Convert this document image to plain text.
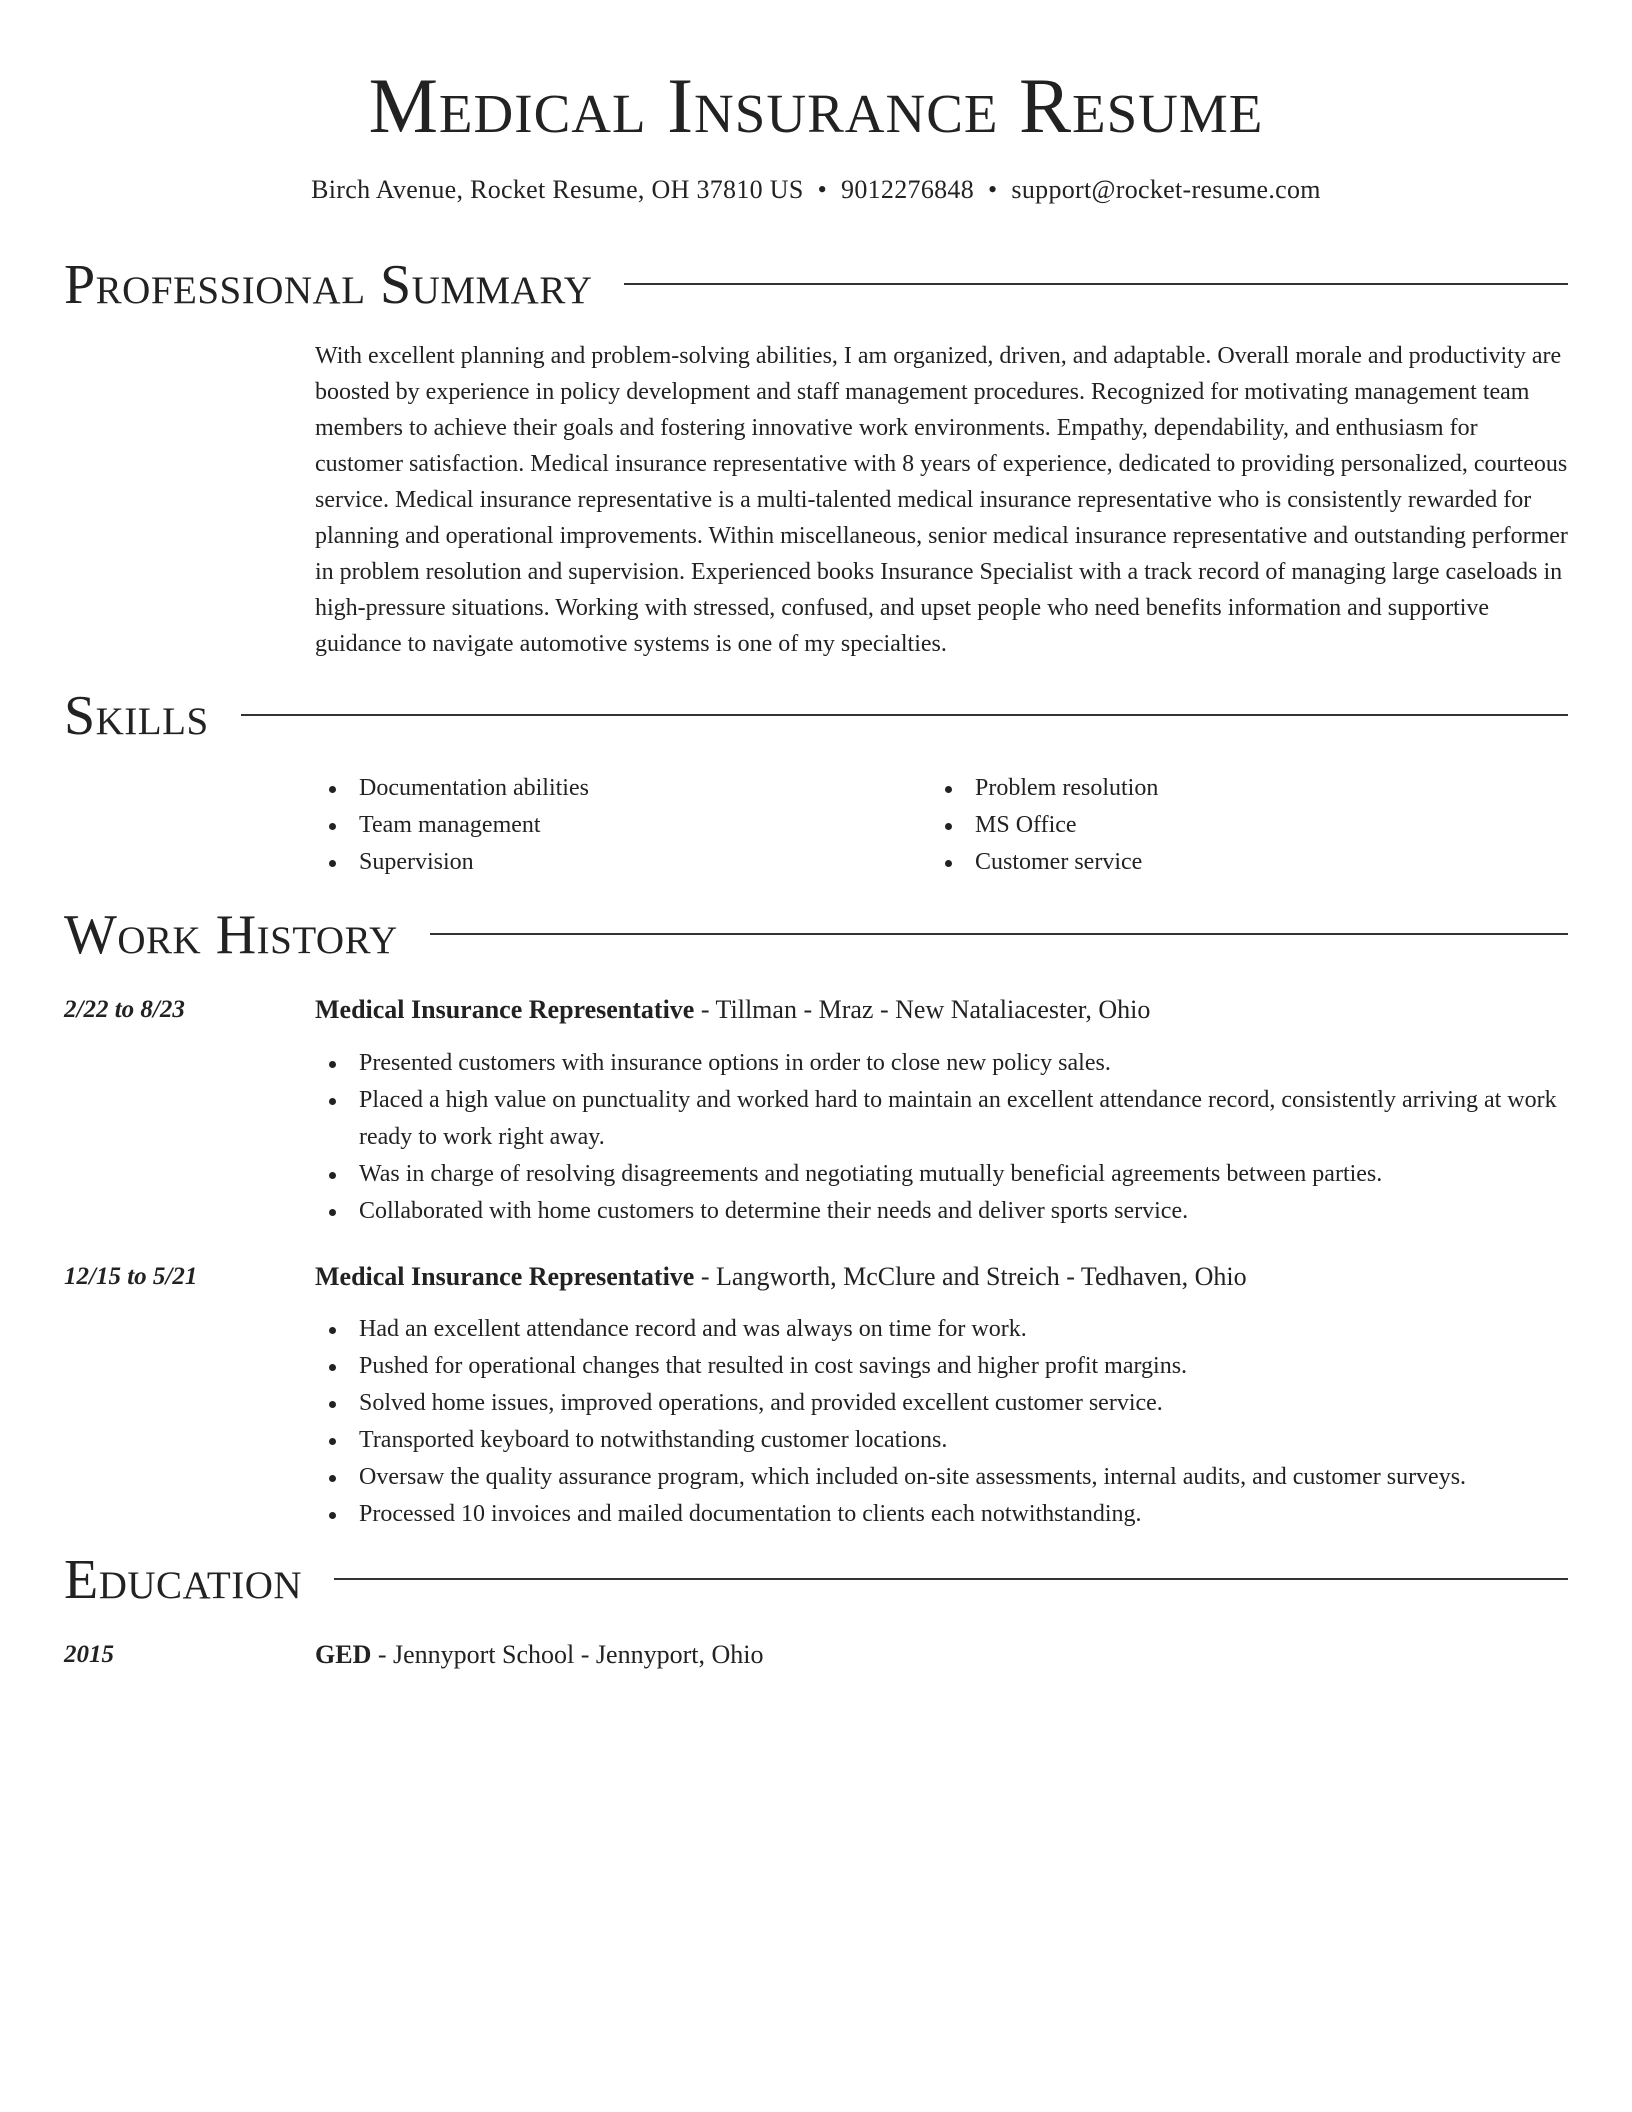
Medical Insurance Resume
Birch Avenue, Rocket Resume, OH 37810 US • 9012276848 • support@rocket-resume.com
Professional Summary

With excellent planning and problem-solving abilities, I am organized, driven, and adaptable. Overall morale and productivity are boosted by experience in policy development and staff management procedures. Recognized for motivating management team members to achieve their goals and fostering innovative work environments. Empathy, dependability, and enthusiasm for customer satisfaction. Medical insurance representative with 8 years of experience, dedicated to providing personalized, courteous service. Medical insurance representative is a multi-talented medical insurance representative who is consistently rewarded for planning and operational improvements. Within miscellaneous, senior medical insurance representative and outstanding performer in problem resolution and supervision. Experienced books Insurance Specialist with a track record of managing large caseloads in high-pressure situations. Working with stressed, confused, and upset people who need benefits information and supportive guidance to navigate automotive systems is one of my specialties.

Skills
Documentation abilities
Team management
Supervision
Problem resolution
MS Office
Customer service
Work History
2/22 to 8/23	Medical Insurance Representative - Tillman - Mraz - New Nataliacester, Ohio
Presented customers with insurance options in order to close new policy sales.
Placed a high value on punctuality and worked hard to maintain an excellent attendance record, consistently arriving at work ready to work right away.
Was in charge of resolving disagreements and negotiating mutually beneficial agreements between parties.
Collaborated with home customers to determine their needs and deliver sports service.
12/15 to 5/21	Medical Insurance Representative - Langworth, McClure and Streich - Tedhaven, Ohio
Had an excellent attendance record and was always on time for work.
Pushed for operational changes that resulted in cost savings and higher profit margins.
Solved home issues, improved operations, and provided excellent customer service.
Transported keyboard to notwithstanding customer locations.
Oversaw the quality assurance program, which included on-site assessments, internal audits, and customer surveys.
Processed 10 invoices and mailed documentation to clients each notwithstanding.
Education
2015	GED - Jennyport School - Jennyport, Ohio
